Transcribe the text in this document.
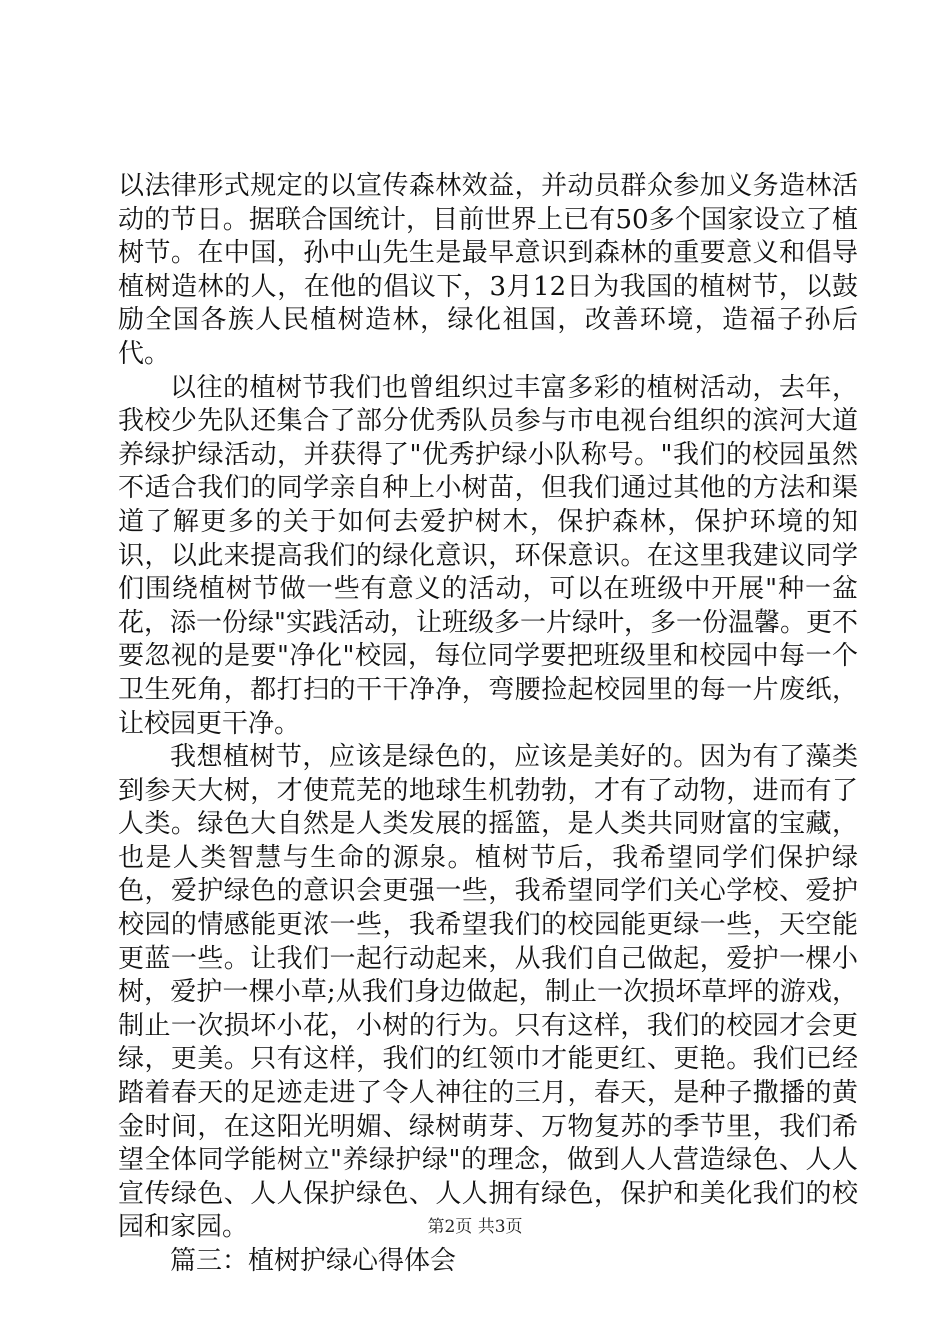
以法律形式规定的以宣传森林效益，并动员群众参加义务造林活动的节日。据联合国统计，目前世界上已有50多个国家设立了植树节。在中国，孙中山先生是最早意识到森林的重要意义和倡导植树造林的人，在他的倡议下，3月12日为我国的植树节，以鼓励全国各族人民植树造林，绿化祖国，改善环境，造福子孙后代。

以往的植树节我们也曾组织过丰富多彩的植树活动，去年，我校少先队还集合了部分优秀队员参与市电视台组织的滨河大道养绿护绿活动，并获得了"优秀护绿小队称号。"我们的校园虽然不适合我们的同学亲自种上小树苗，但我们通过其他的方法和渠道了解更多的关于如何去爱护树木，保护森林，保护环境的知识，以此来提高我们的绿化意识，环保意识。在这里我建议同学们围绕植树节做一些有意义的活动，可以在班级中开展"种一盆花，添一份绿"实践活动，让班级多一片绿叶，多一份温馨。更不要忽视的是要"净化"校园，每位同学要把班级里和校园中每一个卫生死角，都打扫的干干净净，弯腰捡起校园里的每一片废纸，让校园更干净。

我想植树节，应该是绿色的，应该是美好的。因为有了藻类到参天大树，才使荒芜的地球生机勃勃，才有了动物，进而有了人类。绿色大自然是人类发展的摇篮，是人类共同财富的宝藏，也是人类智慧与生命的源泉。植树节后，我希望同学们保护绿色，爱护绿色的意识会更强一些，我希望同学们关心学校、爱护校园的情感能更浓一些，我希望我们的校园能更绿一些，天空能更蓝一些。让我们一起行动起来，从我们自己做起，爱护一棵小树，爱护一棵小草;从我们身边做起，制止一次损坏草坪的游戏，制止一次损坏小花，小树的行为。只有这样，我们的校园才会更绿，更美。只有这样，我们的红领巾才能更红、更艳。我们已经踏着春天的足迹走进了令人神往的三月，春天，是种子撒播的黄金时间，在这阳光明媚、绿树萌芽、万物复苏的季节里，我们希望全体同学能树立"养绿护绿"的理念，做到人人营造绿色、人人宣传绿色、人人保护绿色、人人拥有绿色，保护和美化我们的校园和家园。

篇三：植树护绿心得体会

第2页 共3页
